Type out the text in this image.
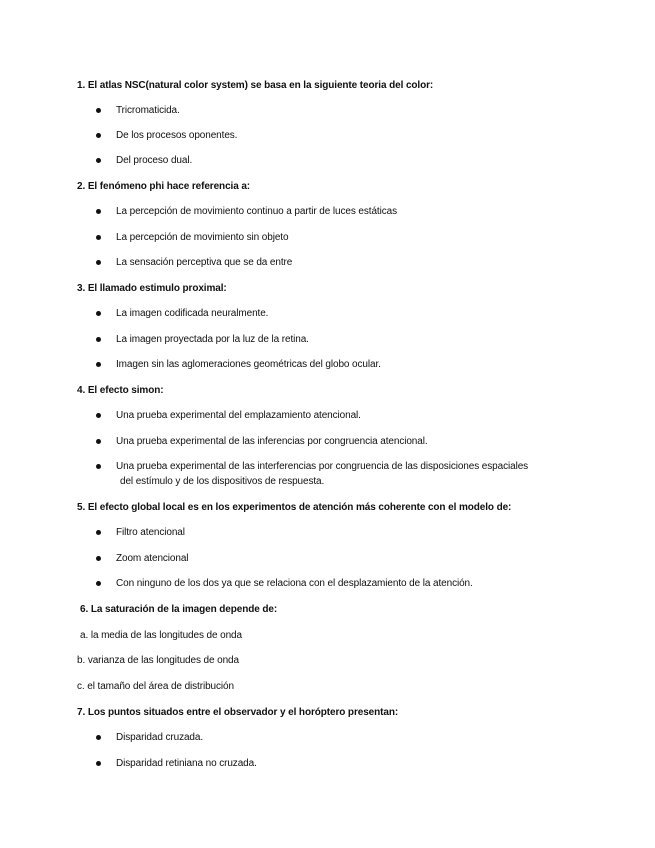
1. El atlas NSC(natural color system) se basa en la siguiente teoria del color:
Tricromaticida.
De los procesos oponentes.
Del proceso dual.
2. El fenómeno phi hace referencia a:
La percepción de movimiento continuo a partir de luces estáticas
La percepción de movimiento sin objeto
La sensación perceptiva que se da entre
3. El llamado estimulo proximal:
La imagen codificada neuralmente.
La imagen proyectada por la luz de la retina.
Imagen sin las aglomeraciones geométricas del globo ocular.
4. El efecto simon:
Una prueba experimental del emplazamiento atencional.
Una prueba experimental de las inferencias por congruencia atencional.
Una prueba experimental de las interferencias por congruencia de las disposiciones espaciales
del estímulo y de los dispositivos de respuesta.
5. El efecto global local es en los experimentos de atención más coherente con el modelo de:
Filtro atencional
Zoom atencional
Con ninguno de los dos ya que se relaciona con el desplazamiento de la atención.
6. La saturación de la imagen depende de:
a. la media de las longitudes de onda
b. varianza de las longitudes de onda
c. el tamaño del área de distribución
7. Los puntos situados entre el observador y el horóptero presentan:
Disparidad cruzada.
Disparidad retiniana no cruzada.
